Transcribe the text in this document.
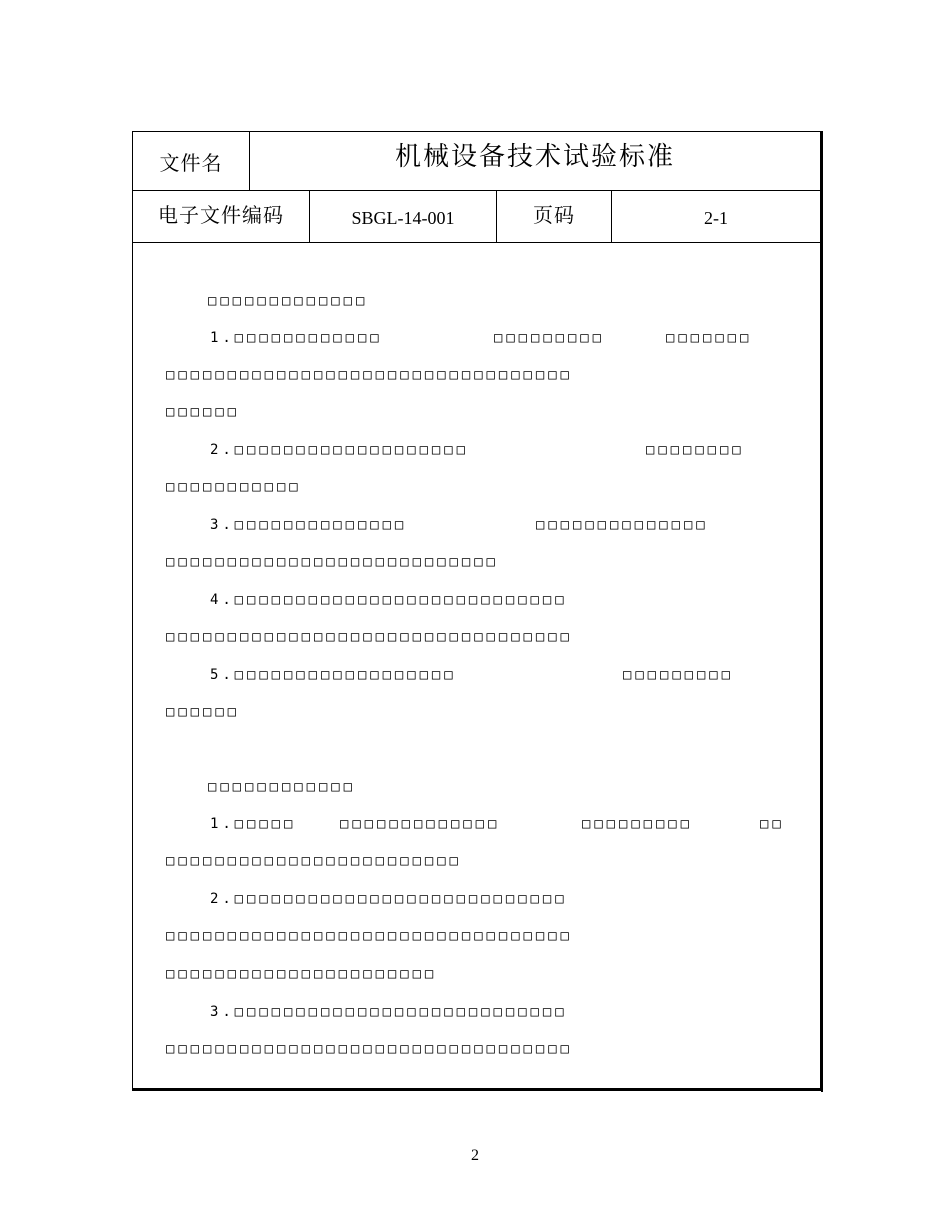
文件名	机械设备技术试验标准
电子文件编码	SBGL-14-001	页码	2-1
□□□□□□□□□□□□□
1.□□□□□□□□□□□□	□□□□□□□□□	□□□□□□□
□□□□□□□□□□□□□□□□□□□□□□□□□□□□□□□□□
□□□□□□
2.□□□□□□□□□□□□□□□□□□□	□□□□□□□□
□□□□□□□□□□□
3.□□□□□□□□□□□□□□	□□□□□□□□□□□□□□
□□□□□□□□□□□□□□□□□□□□□□□□□□□
4.□□□□□□□□□□□□□□□□□□□□□□□□□□□
□□□□□□□□□□□□□□□□□□□□□□□□□□□□□□□□□
5.□□□□□□□□□□□□□□□□□□	□□□□□□□□□
□□□□□□
□□□□□□□□□□□□
1.□□□□□	□□□□□□□□□□□□□	□□□□□□□□□	□□
□□□□□□□□□□□□□□□□□□□□□□□□
2.□□□□□□□□□□□□□□□□□□□□□□□□□□□
□□□□□□□□□□□□□□□□□□□□□□□□□□□□□□□□□
□□□□□□□□□□□□□□□□□□□□□□
3.□□□□□□□□□□□□□□□□□□□□□□□□□□□
□□□□□□□□□□□□□□□□□□□□□□□□□□□□□□□□□
2
